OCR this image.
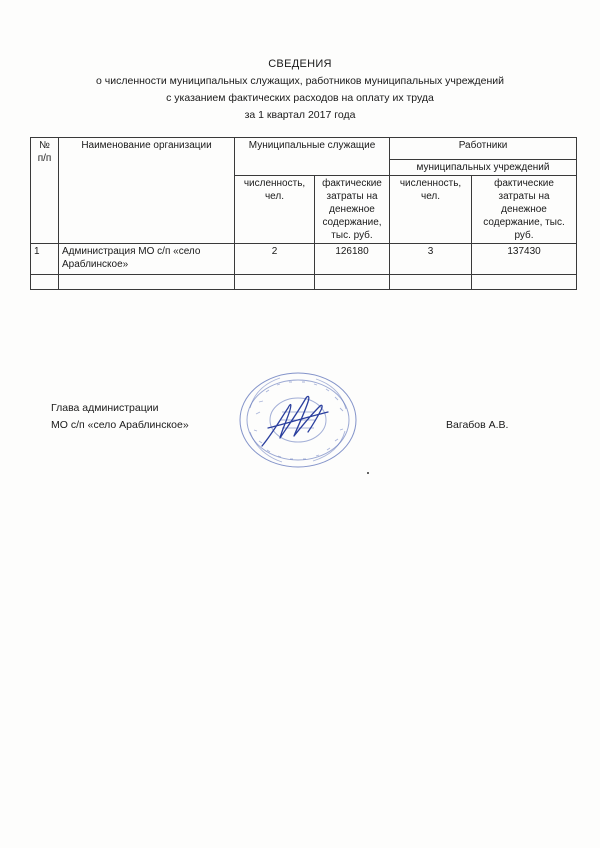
СВЕДЕНИЯ
о численности муниципальных служащих, работников муниципальных учреждений
с указанием фактических расходов на оплату их труда
за 1 квартал 2017 года
№ п/п	Наименование организации	Муниципальные служащие		Работники	
				муниципальных учреждений	
		численность, чел.	фактические затраты на денежное содержание, тыс. руб.	численность, чел.	фактические затраты на денежное содержание, тыс. руб.
1	Администрация МО с/п «село Араблинское»	2	126180	3	137430

Глава администрации
МО с/п «село Араблинское»	Вагабов А.В.
